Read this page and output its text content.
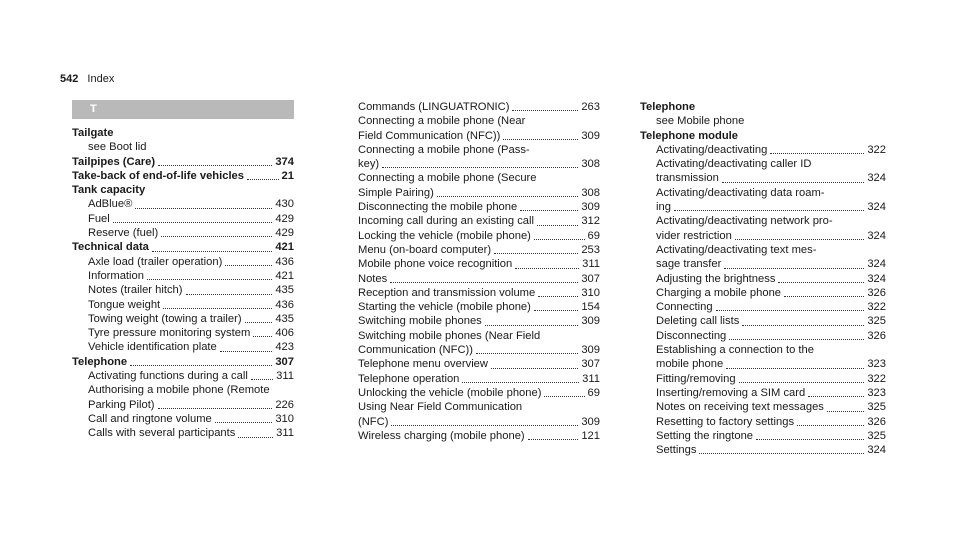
542 Index
T
Tailgate
see Boot lid
Tailpipes (Care)	374
Take-back of end-of-life vehicles	21
Tank capacity
AdBlue®	430
Fuel	429
Reserve (fuel)	429
Technical data	421
Axle load (trailer operation)	436
Information	421
Notes (trailer hitch)	435
Tongue weight	436
Towing weight (towing a trailer)	435
Tyre pressure monitoring system 406
Vehicle identification plate	423
Telephone	307
Activating functions during a call	311
Authorising a mobile phone (Remote
Parking Pilot)	226
Call and ringtone volume	310
Calls with several participants	311
Commands (LINGUATRONIC)	263
Connecting a mobile phone (Near
Field Communication (NFC))	309
Connecting a mobile phone (Pass-
key)	308
Connecting a mobile phone (Secure
Simple Pairing)	308
Disconnecting the mobile phone	309
Incoming call during an existing call	312
Locking the vehicle (mobile phone)	69
Menu (on-board computer)	253
Mobile phone voice recognition	311
Notes	307
Reception and transmission volume	310
Starting the vehicle (mobile phone)	154
Switching mobile phones	309
Switching mobile phones (Near Field
Communication (NFC))	309
Telephone menu overview	307
Telephone operation	311
Unlocking the vehicle (mobile phone)	69
Using Near Field Communication
(NFC)	309
Wireless charging (mobile phone)	121
Telephone
see Mobile phone
Telephone module
Activating/deactivating	322
Activating/deactivating caller ID
transmission	324
Activating/deactivating data roam-
ing	324
Activating/deactivating network pro-
vider restriction	324
Activating/deactivating text mes-
sage transfer	324
Adjusting the brightness	324
Charging a mobile phone	326
Connecting	322
Deleting call lists	325
Disconnecting	326
Establishing a connection to the
mobile phone	323
Fitting/removing	322
Inserting/removing a SIM card	323
Notes on receiving text messages	325
Resetting to factory settings	326
Setting the ringtone	325
Settings	324
